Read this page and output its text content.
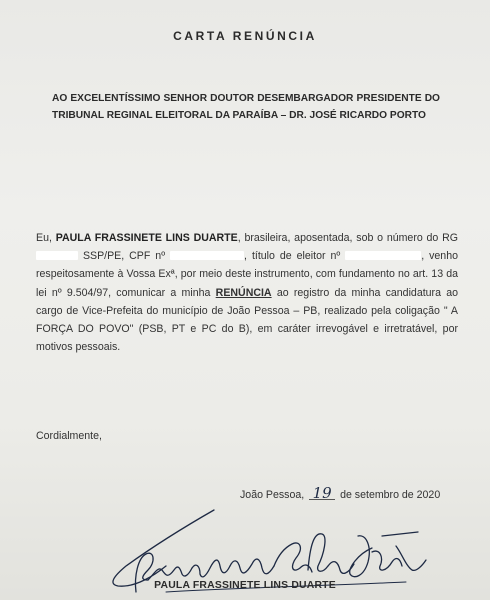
CARTA RENÚNCIA
AO EXCELENTÍSSIMO SENHOR DOUTOR DESEMBARGADOR PRESIDENTE DO TRIBUNAL REGINAL ELEITORAL DA PARAÍBA – DR. JOSÉ RICARDO PORTO
Eu, PAULA FRASSINETE LINS DUARTE, brasileira, aposentada, sob o número do RG  SSP/PE, CPF nº	, título de eleitor nº	, venho respeitosamente à Vossa Exª, por meio deste instrumento, com fundamento no art. 13 da lei nº 9.504/97, comunicar a minha RENÚNCIA ao registro da minha candidatura ao cargo de Vice-Prefeita do município de João Pessoa – PB, realizado pela coligação " A FORÇA DO POVO" (PSB, PT e PC do B), em caráter irrevogável e irretratável, por motivos pessoais.
Cordialmente,
João Pessoa, 19 de setembro de 2020
PAULA FRASSINETE LINS DUARTE
